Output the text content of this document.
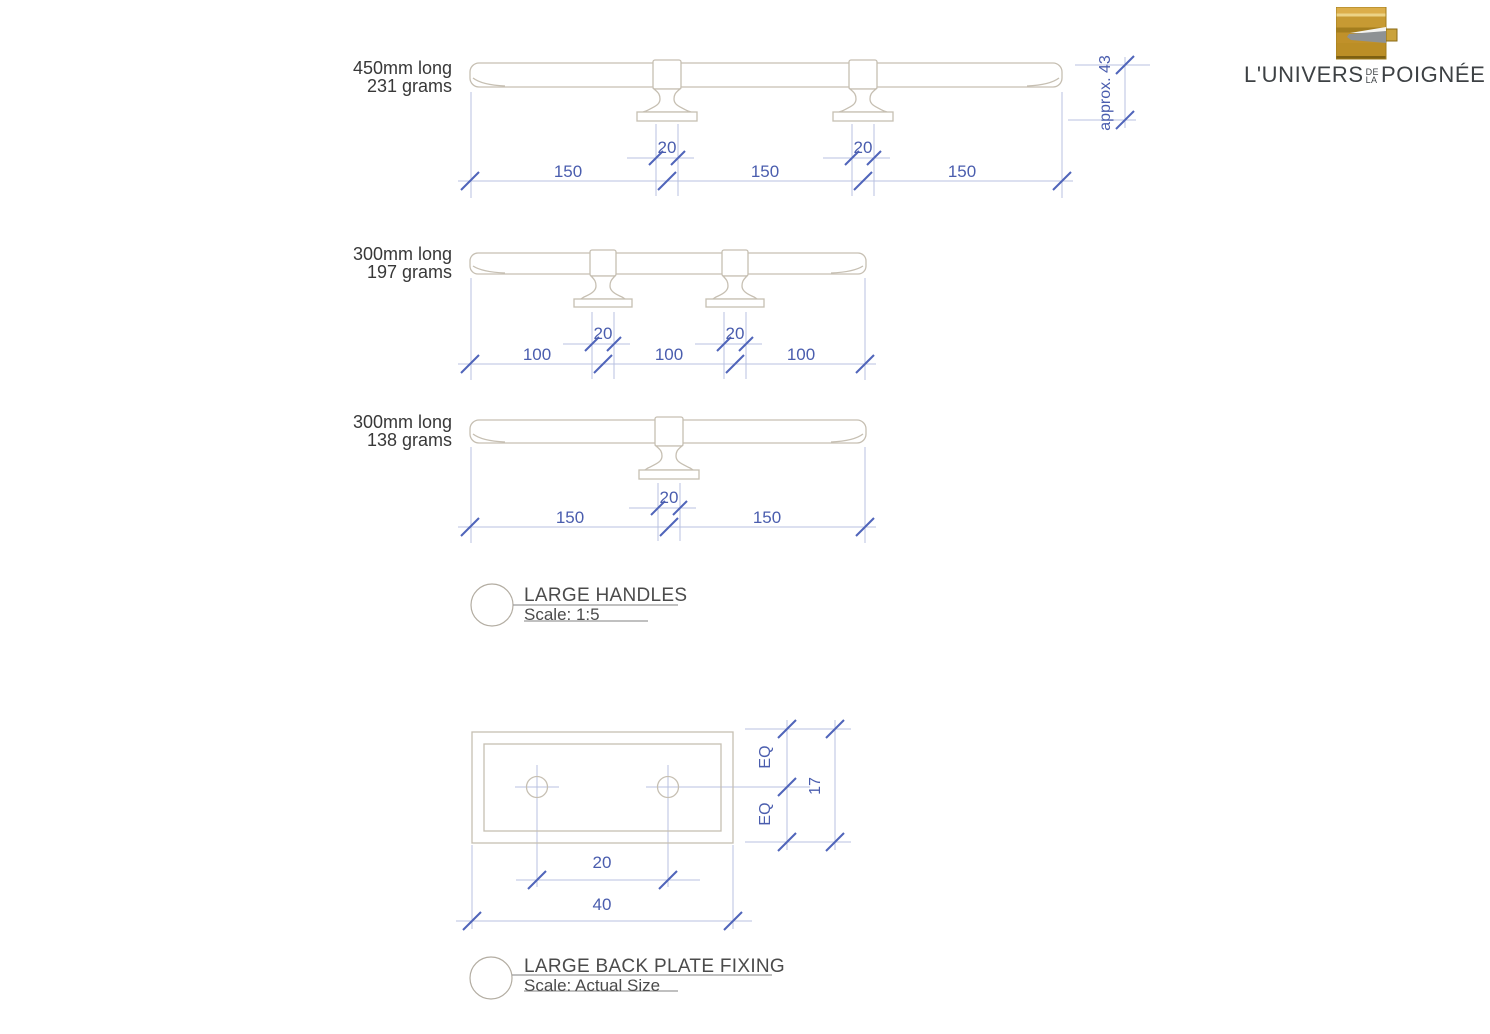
450mm long
231 grams
150
20
150
20
150
approx. 43
300mm long
197 grams
100
20
100
20
100
300mm long
138 grams
150
20
150
LARGE HANDLES
Scale: 1:5
20
40
EQ
EQ
17
LARGE BACK PLATE FIXING
Scale: Actual Size
L'UNIVERS DE
LA POIGNÉE
